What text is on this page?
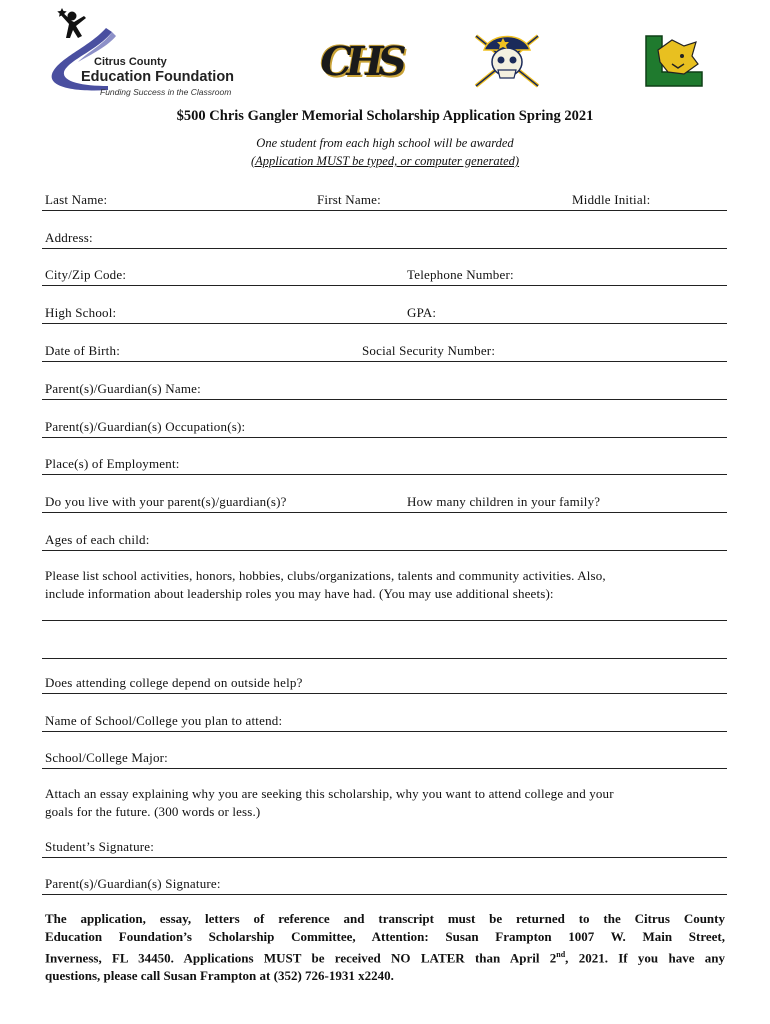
Citrus County
Education Foundation
Funding Success in the Classroom
CHS
$500 Chris Gangler Memorial Scholarship Application Spring 2021
One student from each high school will be awarded
(Application MUST be typed, or computer generated)
Last Name:	First Name:	Middle Initial:
Address:
City/Zip Code:	Telephone Number:
High School:	GPA:
Date of Birth:	Social Security Number:
Parent(s)/Guardian(s) Name:
Parent(s)/Guardian(s) Occupation(s):
Place(s) of Employment:
Do you live with your parent(s)/guardian(s)?	How many children in your family?
Ages of each child:
Please list school activities, honors, hobbies, clubs/organizations, talents and community activities. Also,
include information about leadership roles you may have had. (You may use additional sheets):
Does attending college depend on outside help?
Name of School/College you plan to attend:
School/College Major:
Attach an essay explaining why you are seeking this scholarship, why you want to attend college and your
goals for the future. (300 words or less.)
Student’s Signature:
Parent(s)/Guardian(s) Signature:
The application, essay, letters of reference and transcript must be returned to the Citrus County
Education Foundation’s Scholarship Committee, Attention: Susan Frampton 1007 W. Main Street,
Inverness, FL 34450. Applications MUST be received NO LATER than April 2nd, 2021. If you have any
questions, please call Susan Frampton at (352) 726-1931 x2240.
